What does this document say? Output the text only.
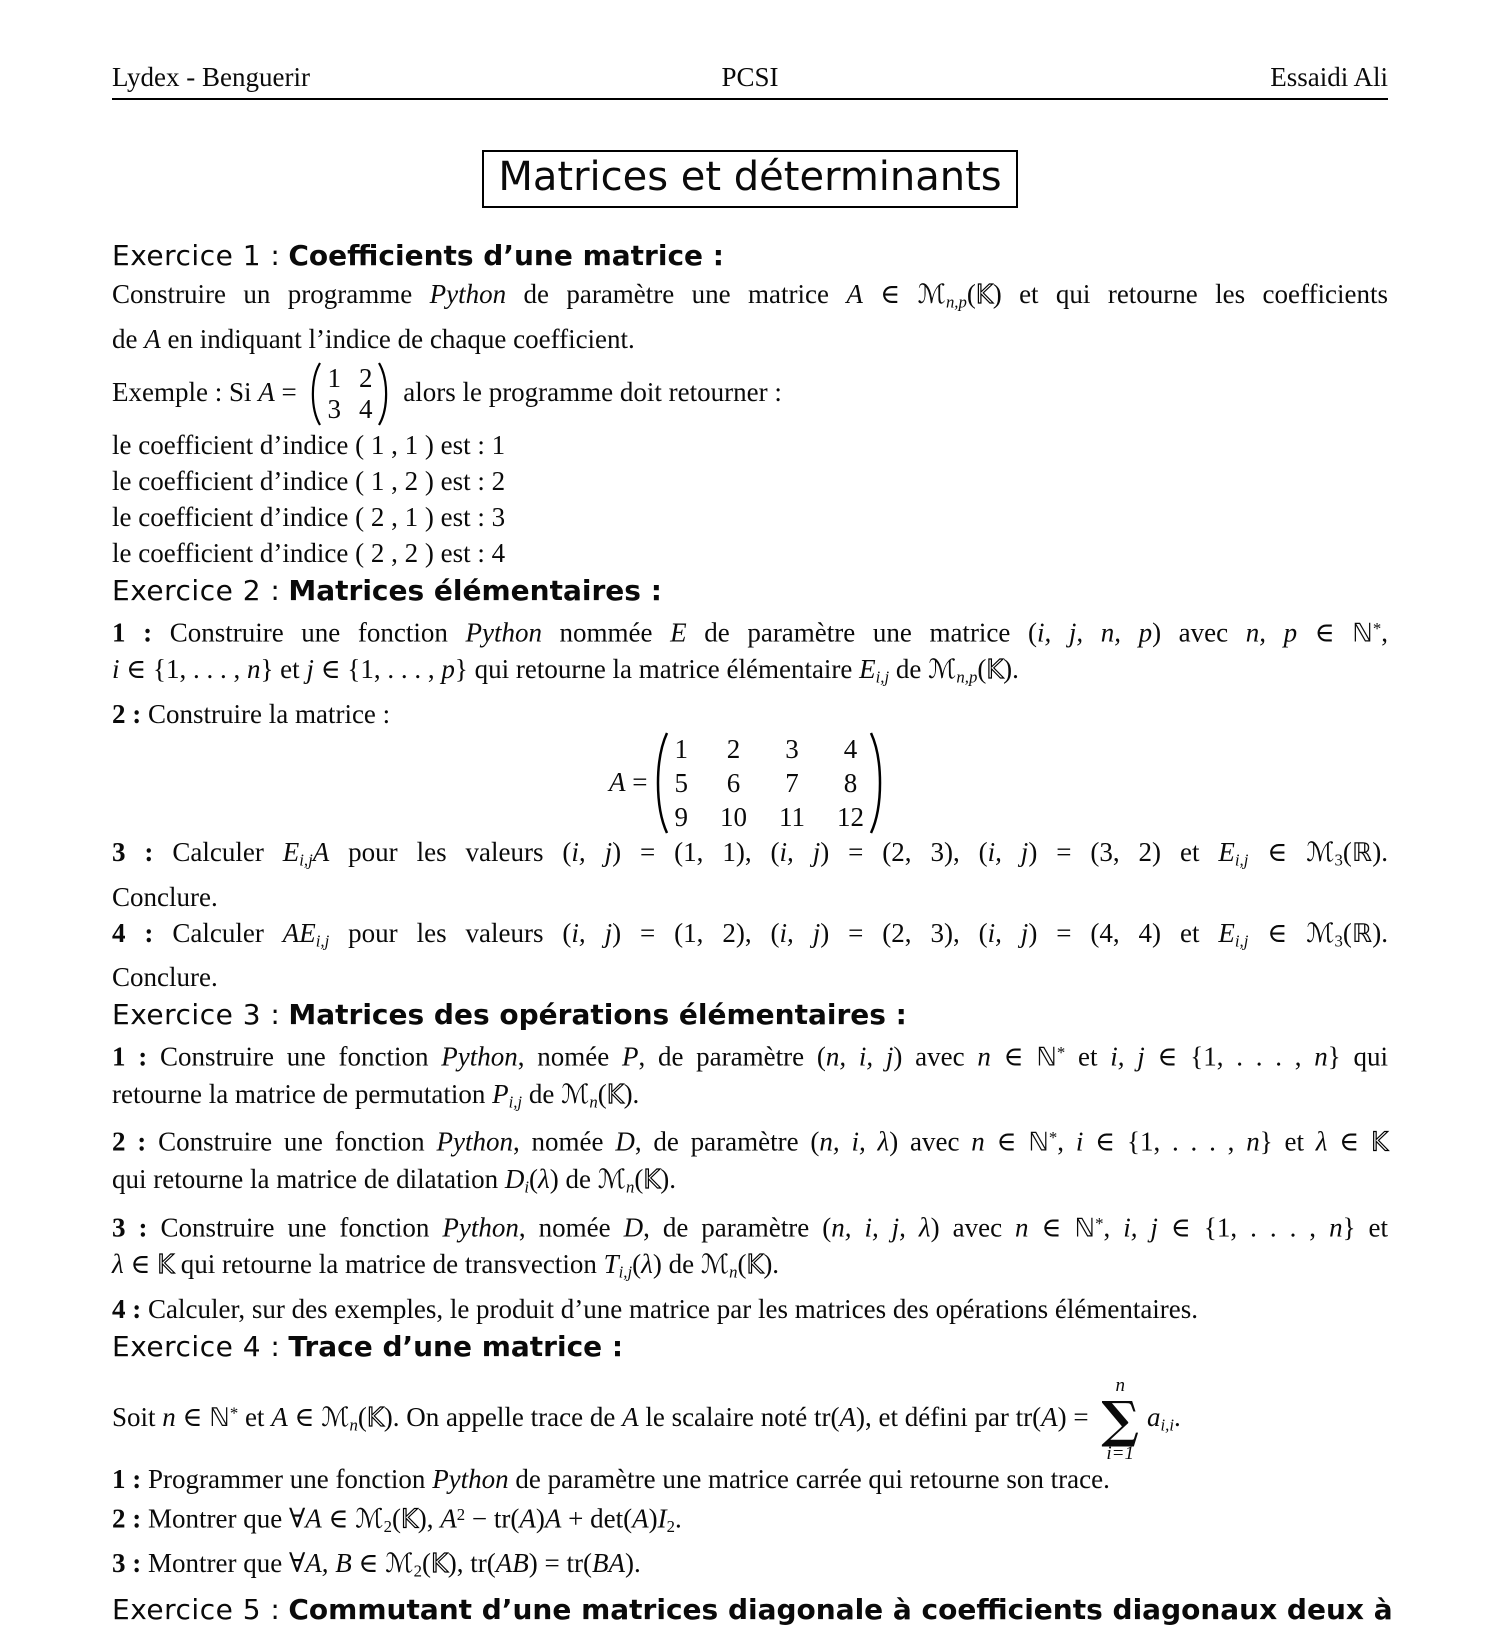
Lydex - Benguerir	PCSI	Essaidi Ali
Matrices et déterminants
Exercice 1 : Coefficients d’une matrice :
Construire un programme Python de paramètre une matrice A ∈ ℳn,p(K) et qui retourne les coefficients
de A en indiquant l’indice de chaque coefficient.
Exemple : Si A = 1 2
3 4
alors le programme doit retourner :
le coefficient d’indice ( 1 , 1 ) est : 1
le coefficient d’indice ( 1 , 2 ) est : 2
le coefficient d’indice ( 2 , 1 ) est : 3
le coefficient d’indice ( 2 , 2 ) est : 4
Exercice 2 : Matrices élémentaires :
1 : Construire une fonction Python nommée E de paramètre une matrice (i, j, n, p) avec n, p ∈ ℕ*,
i ∈ {1, . . . , n} et j ∈ {1, . . . , p} qui retourne la matrice élémentaire Ei,j de ℳn,p(K).
2 : Construire la matrice :
A =
1 2 3 4
5 6 7 8
9 10 11 12
3 : Calculer Ei,jA pour les valeurs (i, j) = (1, 1), (i, j) = (2, 3), (i, j) = (3, 2) et Ei,j ∈ ℳ3(ℝ).
Conclure.
4 : Calculer AEi,j pour les valeurs (i, j) = (1, 2), (i, j) = (2, 3), (i, j) = (4, 4) et Ei,j ∈ ℳ3(ℝ).
Conclure.
Exercice 3 : Matrices des opérations élémentaires :
1 : Construire une fonction Python, nomée P, de paramètre (n, i, j) avec n ∈ ℕ* et i, j ∈ {1, . . . , n} qui
retourne la matrice de permutation Pi,j de ℳn(K).
2 : Construire une fonction Python, nomée D, de paramètre (n, i, λ) avec n ∈ ℕ*, i ∈ {1, . . . , n} et λ ∈ K
qui retourne la matrice de dilatation Di(λ) de ℳn(K).
3 : Construire une fonction Python, nomée D, de paramètre (n, i, j, λ) avec n ∈ ℕ*, i, j ∈ {1, . . . , n} et
λ ∈ K qui retourne la matrice de transvection Ti,j(λ) de ℳn(K).
4 : Calculer, sur des exemples, le produit d’une matrice par les matrices des opérations élémentaires.
Exercice 4 : Trace d’une matrice :
Soit n ∈ ℕ* et A ∈ ℳn(K). On appelle trace de A le scalaire noté tr(A), et défini par tr(A) =
n
∑
i=1
ai,i.
1 : Programmer une fonction Python de paramètre une matrice carrée qui retourne son trace.
2 : Montrer que ∀A ∈ ℳ2(K), $A^2 - tr(A)A + \det(A)I2$.
3 : Montrer que ∀A, B ∈ ℳ2(K), tr(AB) = tr(BA).
Exercice 5 : Commutant d’une matrices diagonale à coefficients diagonaux deux à
